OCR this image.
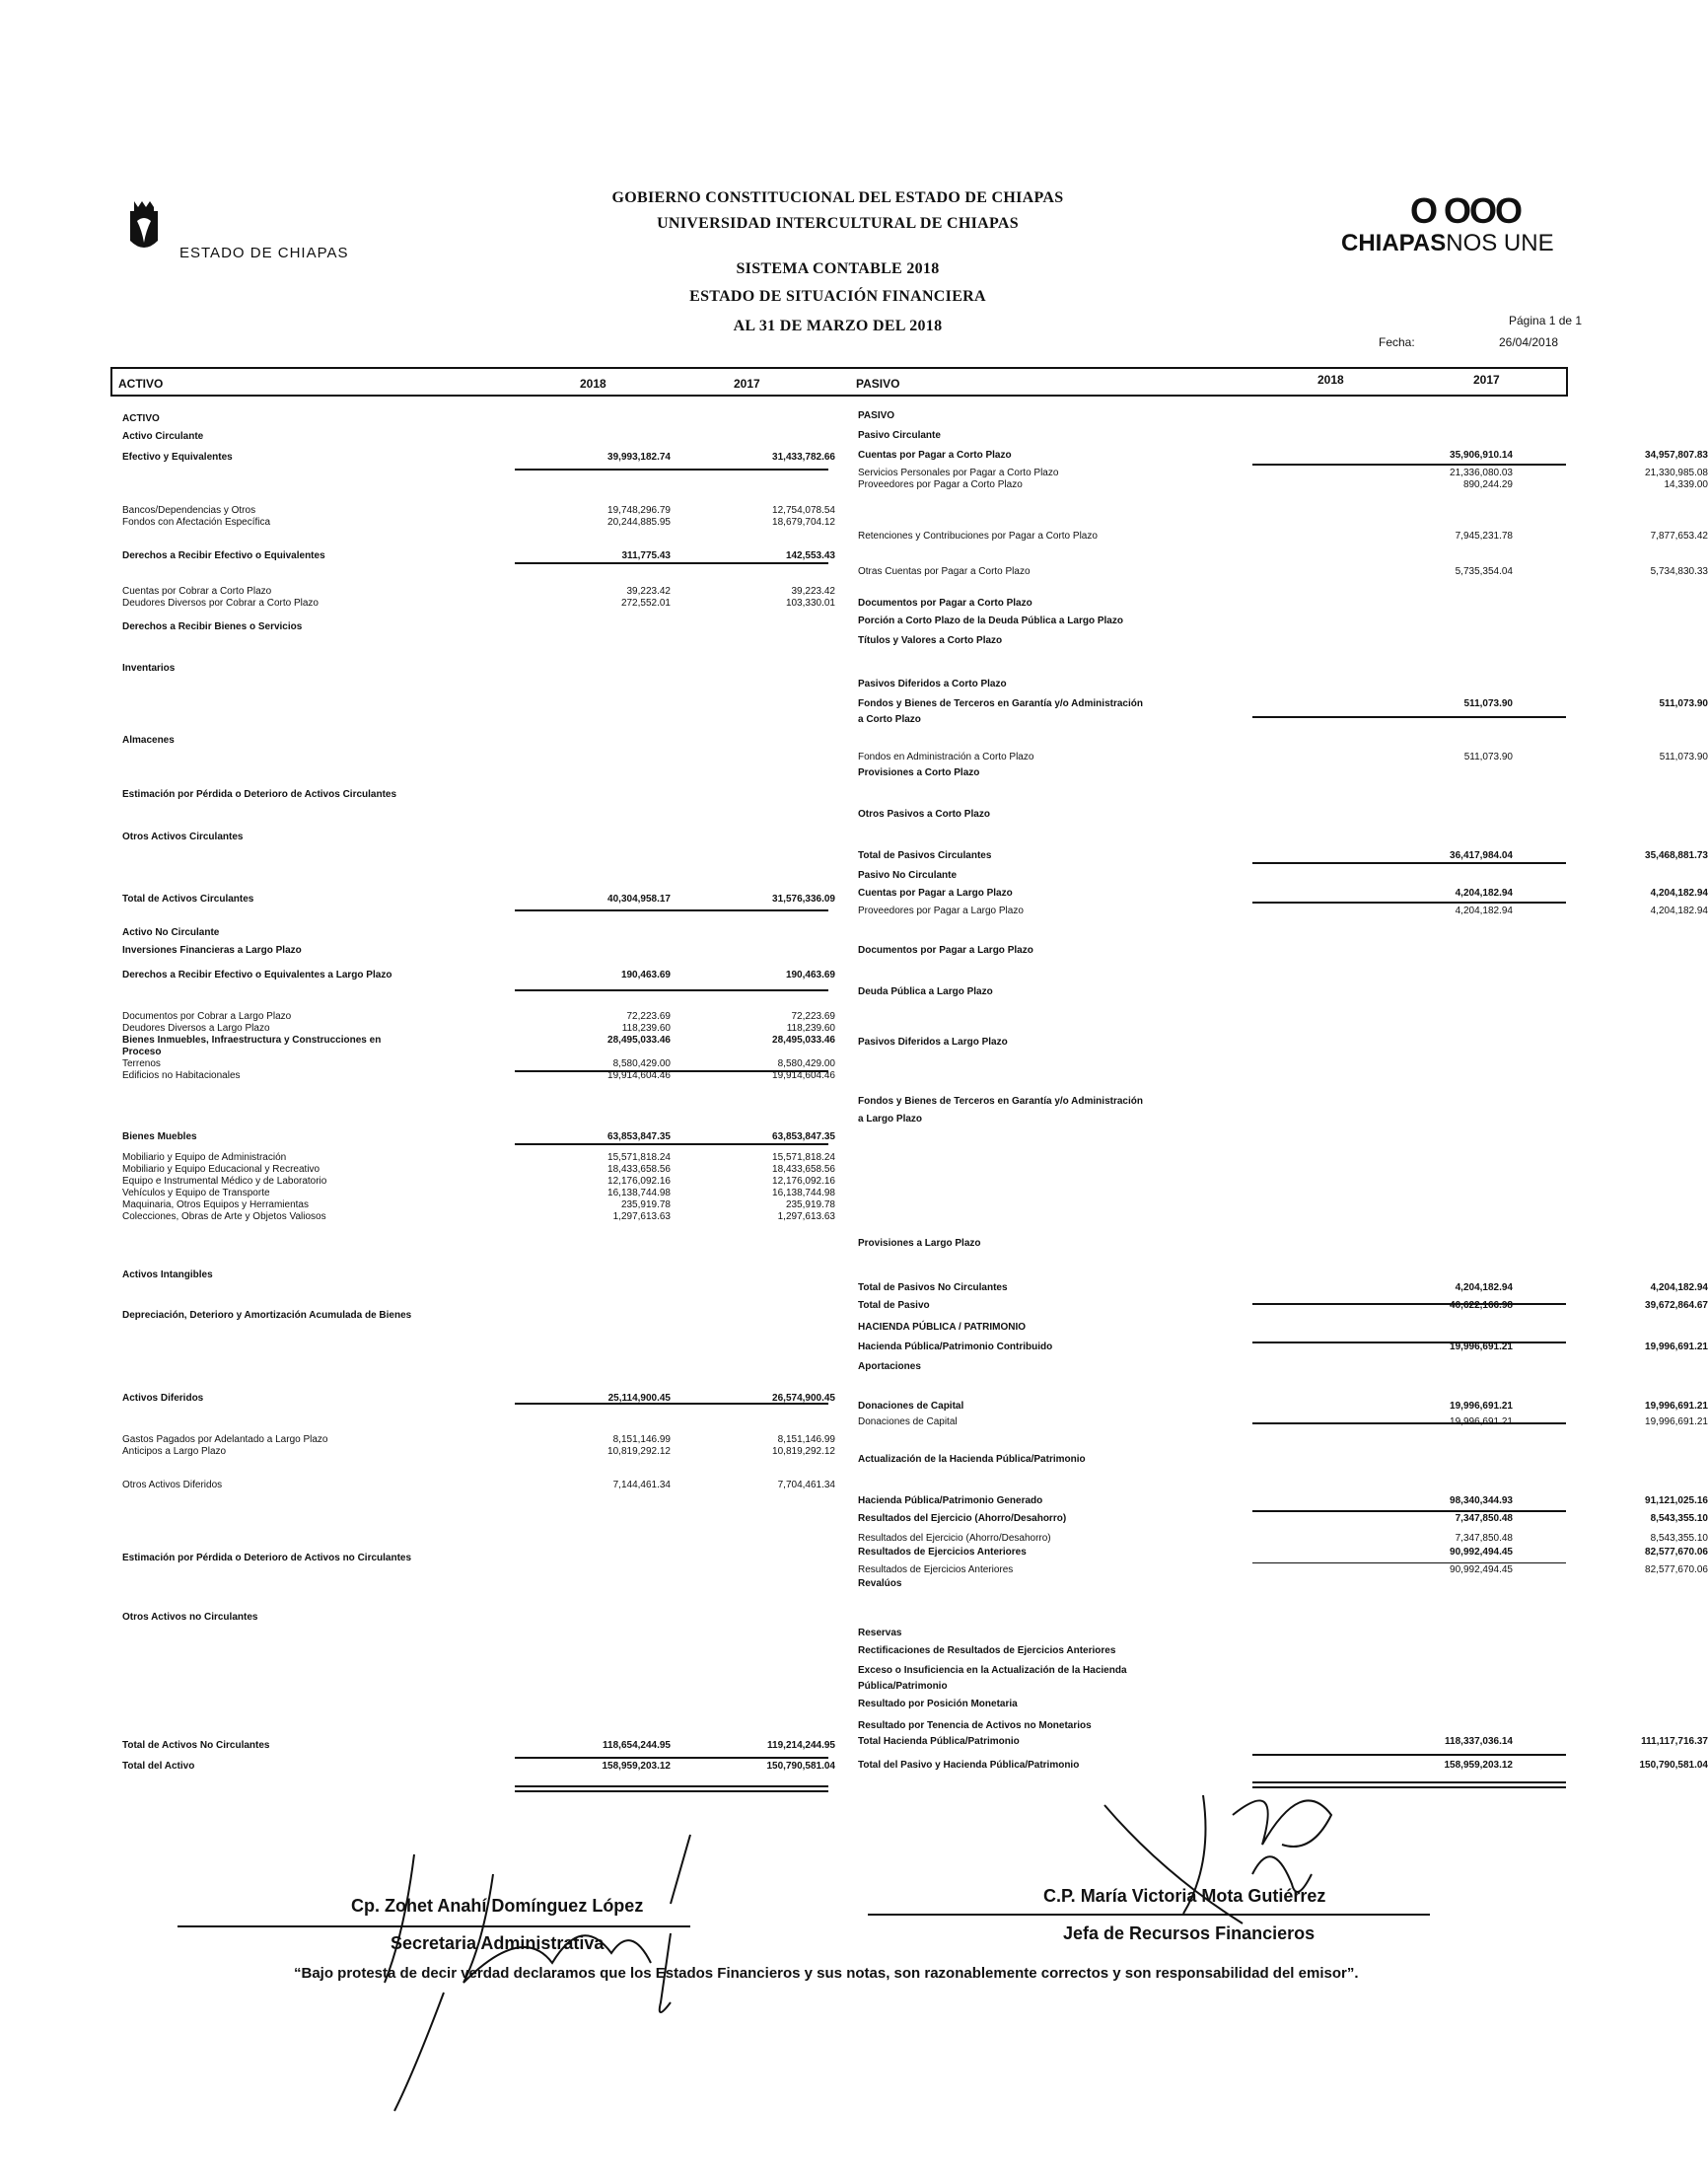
ESTADO DE CHIAPAS
GOBIERNO CONSTITUCIONAL DEL ESTADO DE CHIAPAS
UNIVERSIDAD INTERCULTURAL DE CHIAPAS
SISTEMA CONTABLE 2018
ESTADO DE SITUACIÓN FINANCIERA
AL 31 DE MARZO DEL 2018
O OOO
CHIAPASNOS UNE
Página 1 de 1
Fecha:	26/04/2018
ACTIVO	2018	2017	PASIVO	2018	2017
ACTIVO
Activo Circulante
Efectivo y Equivalentes	39,993,182.74	31,433,782.66
Bancos/Dependencias y Otros	19,748,296.79	12,754,078.54
Fondos con Afectación Específica	20,244,885.95	18,679,704.12
Derechos a Recibir Efectivo o Equivalentes	311,775.43	142,553.43
Cuentas por Cobrar a Corto Plazo	39,223.42	39,223.42
Deudores Diversos por Cobrar a Corto Plazo	272,552.01	103,330.01
Derechos a Recibir Bienes o Servicios
Inventarios
Almacenes
Estimación por Pérdida o Deterioro de Activos Circulantes
Otros Activos Circulantes
Total de Activos Circulantes	40,304,958.17	31,576,336.09
Activo No Circulante
Inversiones Financieras a Largo Plazo
Derechos a Recibir Efectivo o Equivalentes a Largo Plazo	190,463.69	190,463.69
Documentos por Cobrar a Largo Plazo	72,223.69	72,223.69
Deudores Diversos a Largo Plazo	118,239.60	118,239.60
Bienes Inmuebles, Infraestructura y Construcciones en	28,495,033.46	28,495,033.46
Proceso
Terrenos	8,580,429.00	8,580,429.00
Edificios no Habitacionales	19,914,604.46	19,914,604.46
Bienes Muebles	63,853,847.35	63,853,847.35
Mobiliario y Equipo de Administración	15,571,818.24	15,571,818.24
Mobiliario y Equipo Educacional y Recreativo	18,433,658.56	18,433,658.56
Equipo e Instrumental Médico y de Laboratorio	12,176,092.16	12,176,092.16
Vehículos y Equipo de Transporte	16,138,744.98	16,138,744.98
Maquinaria, Otros Equipos y Herramientas	235,919.78	235,919.78
Colecciones, Obras de Arte y Objetos Valiosos	1,297,613.63	1,297,613.63
Activos Intangibles
Depreciación, Deterioro y Amortización Acumulada de Bienes
Activos Diferidos	25,114,900.45	26,574,900.45
Gastos Pagados por Adelantado a Largo Plazo	8,151,146.99	8,151,146.99
Anticipos a Largo Plazo	10,819,292.12	10,819,292.12
Otros Activos Diferidos	7,144,461.34	7,704,461.34
Estimación por Pérdida o Deterioro de Activos no Circulantes
Otros Activos no Circulantes
Total de Activos No Circulantes	118,654,244.95	119,214,244.95
Total del Activo	158,959,203.12	150,790,581.04
PASIVO
Pasivo Circulante
Cuentas por Pagar a Corto Plazo	35,906,910.14	34,957,807.83
Servicios Personales por Pagar a Corto Plazo	21,336,080.03	21,330,985.08
Proveedores por Pagar a Corto Plazo	890,244.29	14,339.00
Retenciones y Contribuciones por Pagar a Corto Plazo	7,945,231.78	7,877,653.42
Otras Cuentas por Pagar a Corto Plazo	5,735,354.04	5,734,830.33
Documentos por Pagar a Corto Plazo
Porción a Corto Plazo de la Deuda Pública a Largo Plazo
Títulos y Valores a Corto Plazo
Pasivos Diferidos a Corto Plazo
Fondos y Bienes de Terceros en Garantía y/o Administración	511,073.90	511,073.90
a Corto Plazo
Fondos en Administración a Corto Plazo	511,073.90	511,073.90
Provisiones a Corto Plazo
Otros Pasivos a Corto Plazo
Total de Pasivos Circulantes	36,417,984.04	35,468,881.73
Pasivo No Circulante
Cuentas por Pagar a Largo Plazo	4,204,182.94	4,204,182.94
Proveedores por Pagar a Largo Plazo	4,204,182.94	4,204,182.94
Documentos por Pagar a Largo Plazo
Deuda Pública a Largo Plazo
Pasivos Diferidos a Largo Plazo
Fondos y Bienes de Terceros en Garantía y/o Administración
a Largo Plazo
Provisiones a Largo Plazo
Total de Pasivos No Circulantes	4,204,182.94	4,204,182.94
Total de Pasivo	40,622,166.98	39,672,864.67
HACIENDA PÚBLICA / PATRIMONIO
Hacienda Pública/Patrimonio Contribuido	19,996,691.21	19,996,691.21
Aportaciones
Donaciones de Capital	19,996,691.21	19,996,691.21
Donaciones de Capital	19,996,691.21	19,996,691.21
Actualización de la Hacienda Pública/Patrimonio
Hacienda Pública/Patrimonio Generado	98,340,344.93	91,121,025.16
Resultados del Ejercicio (Ahorro/Desahorro)	7,347,850.48	8,543,355.10
Resultados del Ejercicio (Ahorro/Desahorro)	7,347,850.48	8,543,355.10
Resultados de Ejercicios Anteriores	90,992,494.45	82,577,670.06
Resultados de Ejercicios Anteriores	90,992,494.45	82,577,670.06
Revalúos
Reservas
Rectificaciones de Resultados de Ejercicios Anteriores
Exceso o Insuficiencia en la Actualización de la Hacienda
Pública/Patrimonio
Resultado por Posición Monetaria
Resultado por Tenencia de Activos no Monetarios
Total Hacienda Pública/Patrimonio	118,337,036.14	111,117,716.37
Total del Pasivo y Hacienda Pública/Patrimonio	158,959,203.12	150,790,581.04
Cp. Zohet Anahí Domínguez López
Secretaria Administrativa
C.P. María Victoria Mota Gutiérrez
Jefa de Recursos Financieros
“Bajo protesta de decir verdad declaramos que los Estados Financieros y sus notas, son razonablemente correctos y son responsabilidad del emisor”.
